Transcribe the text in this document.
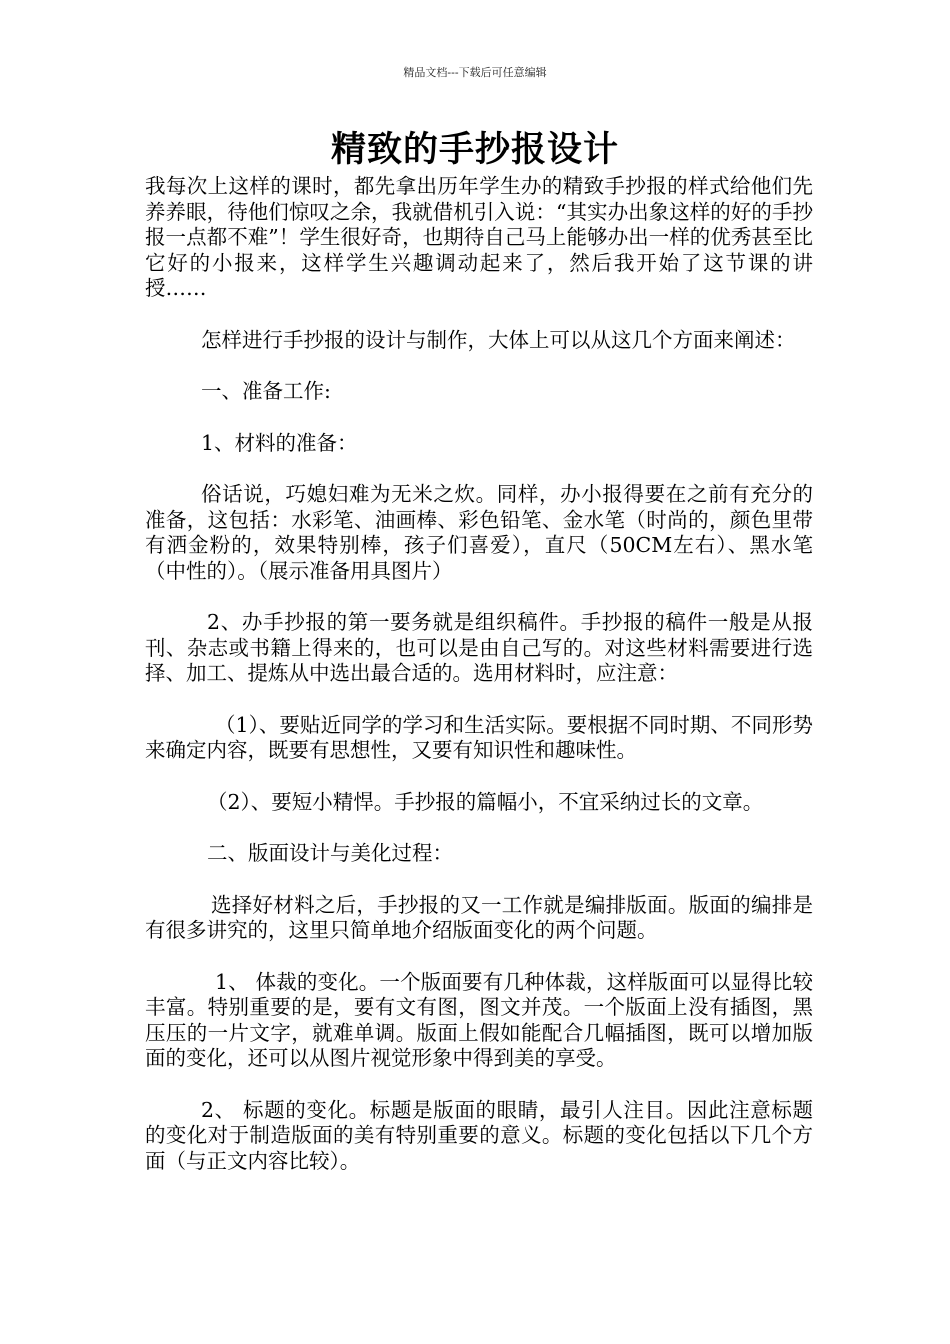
精品文档---下载后可任意编辑
精致的手抄报设计

我每次上这样的课时，都先拿出历年学生办的精致手抄报的样式给他们先养养眼，待他们惊叹之余，我就借机引入说：“其实办出象这样的好的手抄报一点都不难”！学生很好奇，也期待自己马上能够办出一样的优秀甚至比它好的小报来，这样学生兴趣调动起来了，然后我开始了这节课的讲授……

怎样进行手抄报的设计与制作，大体上可以从这几个方面来阐述：

一、准备工作:

1、材料的准备：

俗话说，巧媳妇难为无米之炊。同样，办小报得要在之前有充分的准备，这包括：水彩笔、油画棒、彩色铅笔、金水笔（时尚的，颜色里带有洒金粉的，效果特别棒，孩子们喜爱），直尺（50CM左右）、黑水笔（中性的）。（展示准备用具图片）

2、办手抄报的第一要务就是组织稿件。手抄报的稿件一般是从报刊、杂志或书籍上得来的，也可以是由自己写的。对这些材料需要进行选择、加工、提炼从中选出最合适的。选用材料时，应注意：

（1）、要贴近同学的学习和生活实际。要根据不同时期、不同形势来确定内容，既要有思想性，又要有知识性和趣味性。

（2）、要短小精悍。手抄报的篇幅小，不宜采纳过长的文章。

二、版面设计与美化过程：

选择好材料之后，手抄报的又一工作就是编排版面。版面的编排是有很多讲究的，这里只简单地介绍版面变化的两个问题。

1、 体裁的变化。一个版面要有几种体裁，这样版面可以显得比较丰富。特别重要的是，要有文有图，图文并茂。一个版面上没有插图，黑压压的一片文字，就难单调。版面上假如能配合几幅插图，既可以增加版面的变化，还可以从图片视觉形象中得到美的享受。

2、 标题的变化。标题是版面的眼睛，最引人注目。因此注意标题的变化对于制造版面的美有特别重要的意义。标题的变化包括以下几个方面（与正文内容比较）。
